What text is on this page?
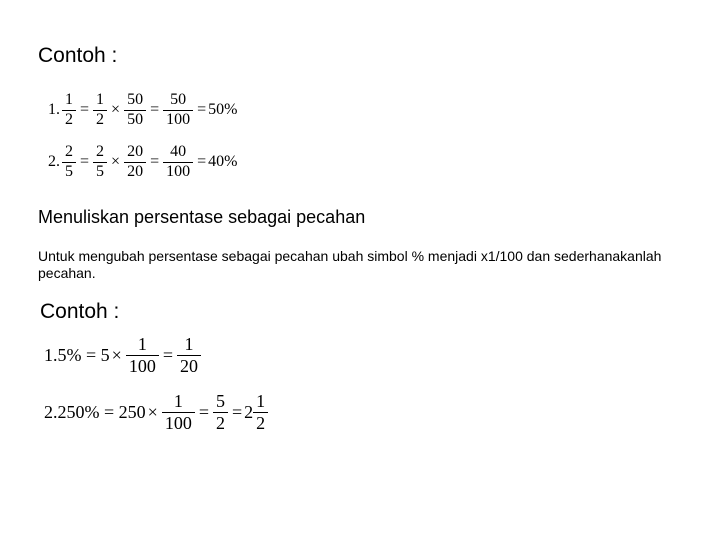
Contoh :
1. $\frac{1}{2} = \frac{1}{2} \times \frac{50}{50} = \frac{50}{100} = 50\%$
2. $\frac{2}{5} = \frac{2}{5} \times \frac{20}{20} = \frac{40}{100} = 40\%$
Menuliskan persentase sebagai pecahan
Untuk mengubah persentase sebagai pecahan ubah simbol % menjadi x1/100 dan sederhanakanlah pecahan.
Contoh :
$1.5\% = 5 \times \frac{1}{100} = \frac{1}{20}$
$2.250\% = 250 \times \frac{1}{100} = \frac{5}{2} = 2 \frac{1}{2}$
